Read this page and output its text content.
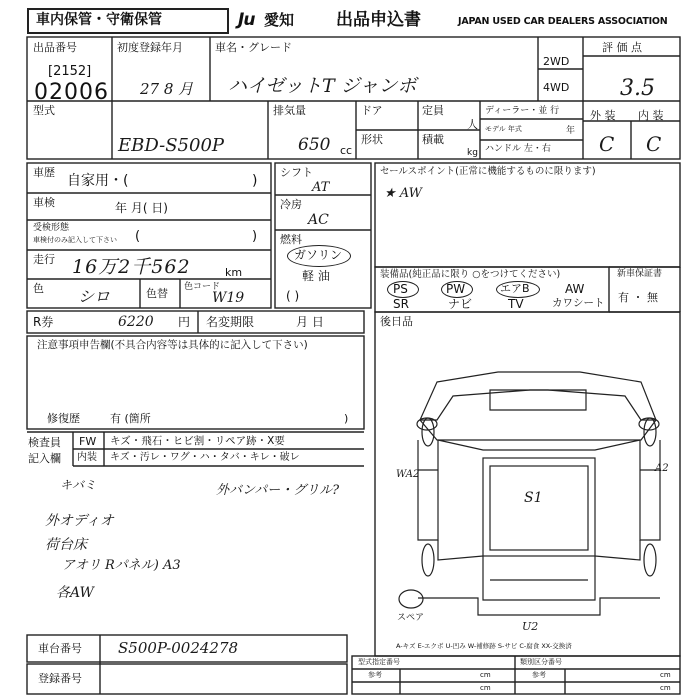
車内保管・守衛保管	Ju 愛知 出品申込書	JAPAN USED CAR DEALERS ASSOCIATION
出品番号
[2152]
02006
初度登録年月
27 8 月
車名・グレード
ハイゼットT ジャンボ
2WD
4WD
評 価 点
3.5
型式
EBD-S500P
排気量
650 cc
ドア	定員
人
形状	積載
kg
ディーラー・並 行
モデル 年式	年
ハンドル 左・右
外 装 内 装
C C
車歴
自家用・(	)
車検	年 月( 日)
受検形態
車検付のみ記入して下さい (	)
走行 16万2千562	km
色 シロ	色替 色コード
W19
シフト
AT
冷房
AC
燃料
ガソリン
軽 油
( )
セールスポイント(正常に機能するものに限ります)
★ AW
装備品(純正品に限り ○をつけてください)
PS	PW	エアB	AW
SR	ナビ	TV	カワシート
新車保証書
有 ・ 無
R券	6220 円 名変期限	月 日
注意事項申告欄(不具合内容等は具体的に記入して下さい)
修復歴	有 (箇所	)
後日品
検査員
記入欄
FW キズ・飛石・ヒビ割・リペア跡・X要
内装 キズ・汚レ・ワグ・ハ・タバ・キレ・破レ
キバミ	外バンパー・グリル?
外オディオ
荷台床
アオリ Rパネル) A3
各AW
S1
WA2
A2
U2
スペア
A-キズ E-エクボ U-凹み W-補修跡 S-サビ C-腐食 XX-交換済
車台番号 S500P-0024278
登録番号
型式指定番号	類別区分番号
参考	参考
cm	cm
cm	cm
